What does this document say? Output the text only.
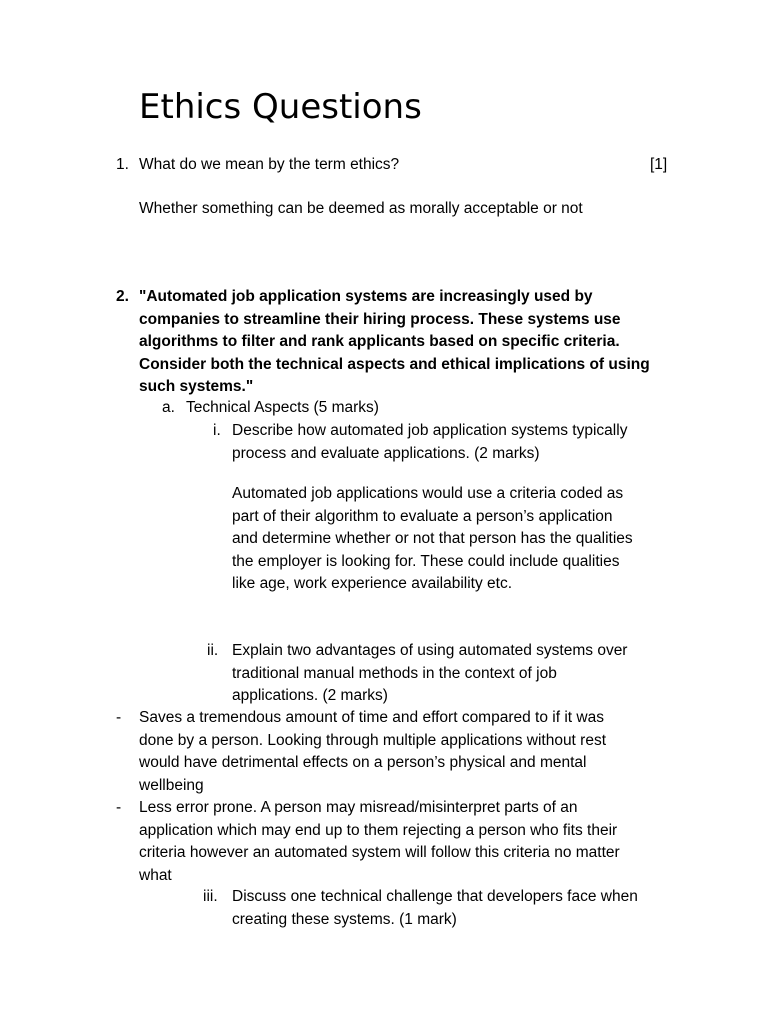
Ethics Questions
1. What do we mean by the term ethics?	[1]
Whether something can be deemed as morally acceptable or not
2. "Automated job application systems are increasingly used by
companies to streamline their hiring process. These systems use
algorithms to filter and rank applicants based on specific criteria.
Consider both the technical aspects and ethical implications of using
such systems."
a. Technical Aspects (5 marks)
i. Describe how automated job application systems typically
process and evaluate applications. (2 marks)
Automated job applications would use a criteria coded as
part of their algorithm to evaluate a person’s application
and determine whether or not that person has the qualities
the employer is looking for. These could include qualities
like age, work experience availability etc.
ii. Explain two advantages of using automated systems over
traditional manual methods in the context of job
applications. (2 marks)
- Saves a tremendous amount of time and effort compared to if it was
done by a person. Looking through multiple applications without rest
would have detrimental effects on a person’s physical and mental
wellbeing
- Less error prone. A person may misread/misinterpret parts of an
application which may end up to them rejecting a person who fits their
criteria however an automated system will follow this criteria no matter
what
iii. Discuss one technical challenge that developers face when
creating these systems. (1 mark)
